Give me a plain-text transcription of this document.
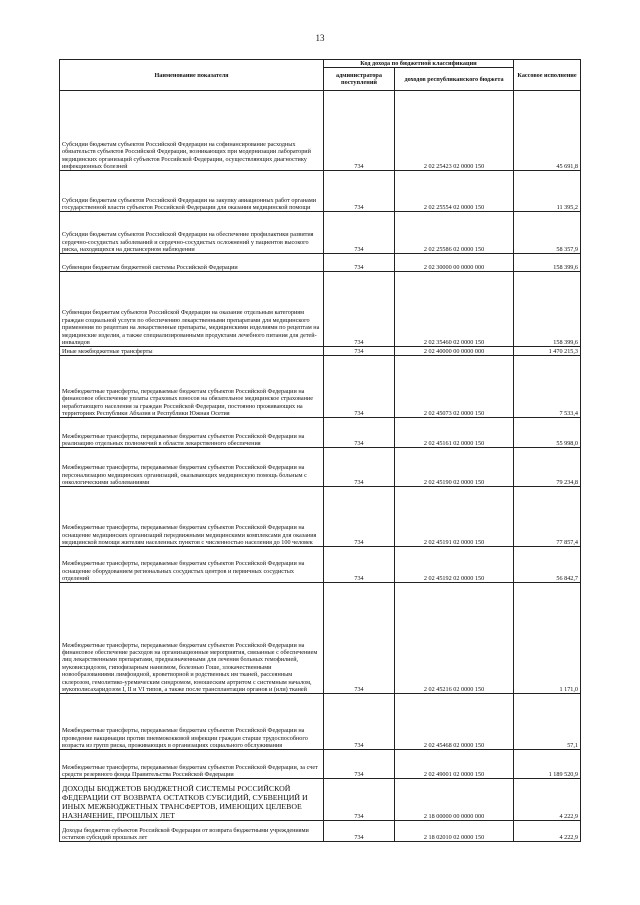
13
Наименование показателя	Код дохода по бюджетной классификации		Кассовое исполнение
	администратора поступлений	доходов республиканского бюджета	
Субсидии бюджетам субъектов Российской Федерации на софинансирование расходных обязательств субъектов Российской Федерации, возникающих при модернизации лабораторий медицинских организаций субъектов Российской Федерации, осуществляющих диагностику инфекционных болезней	734	2 02 25423 02 0000 150	45 691,8
Субсидии бюджетам субъектов Российской Федерации на закупку авиационных работ органами государственной власти субъектов Российской Федерации для оказания медицинской помощи	734	2 02 25554 02 0000 150	11 395,2
Субсидии бюджетам субъектов Российской Федерации на обеспечение профилактики развития сердечно-сосудистых заболеваний и сердечно-сосудистых осложнений у пациентов высокого риска, находящихся на диспансерном наблюдении	734	2 02 25586 02 0000 150	58 357,9
Субвенции бюджетам бюджетной системы Российской Федерации	734	2 02 30000 00 0000 000	158 399,6
Субвенции бюджетам субъектов Российской Федерации на оказание отдельным категориям граждан социальной услуги по обеспечению лекарственными препаратами для медицинского применения по рецептам на лекарственные препараты, медицинскими изделиями по рецептам на медицинские изделия, а также специализированными продуктами лечебного питания для детей-инвалидов	734	2 02 35460 02 0000 150	158 399,6
Иные межбюджетные трансферты	734	2 02 40000 00 0000 000	1 470 215,3
Межбюджетные трансферты, передаваемые бюджетам субъектов Российской Федерации на финансовое обеспечение уплаты страховых взносов на обязательное медицинское страхование неработающего населения за граждан Российской Федерации, постоянно проживающих на территориях Республики Абхазия и Республики Южная Осетия	734	2 02 45073 02 0000 150	7 533,4
Межбюджетные трансферты, передаваемые бюджетам субъектов Российской Федерации на реализацию отдельных полномочий в области лекарственного обеспечения	734	2 02 45161 02 0000 150	55 998,0
Межбюджетные трансферты, передаваемые бюджетам субъектов Российской Федерации на персонализацию медицинских организаций, оказывающих медицинскую помощь больным с онкологическими заболеваниями	734	2 02 45190 02 0000 150	79 234,8
Межбюджетные трансферты, передаваемые бюджетам субъектов Российской Федерации на оснащение медицинских организаций передвижными медицинскими комплексами для оказания медицинской помощи жителям населенных пунктов с численностью населения до 100 человек	734	2 02 45191 02 0000 150	77 857,4
Межбюджетные трансферты, передаваемые бюджетам субъектов Российской Федерации на оснащение оборудованием региональных сосудистых центров и первичных сосудистых отделений	734	2 02 45192 02 0000 150	56 842,7
Межбюджетные трансферты, передаваемые бюджетам субъектов Российской Федерации на финансовое обеспечение расходов на организационные мероприятия, связанные с обеспечением лиц лекарственными препаратами, предназначенными для лечения больных гемофилией, муковисцидозом, гипофизарным нанизмом, болезнью Гоше, злокачественными новообразованиями лимфоидной, кроветворной и родственных им тканей, рассеянным склерозом, гемолитико-уремическим синдромом, юношеским артритом с системным началом, мукополисахаридозом I, II и VI типов, а также после трансплантации органов и (или) тканей	734	2 02 45216 02 0000 150	1 171,0
Межбюджетные трансферты, передаваемые бюджетам субъектов Российской Федерации на проведение вакцинации против пневмококковой инфекции граждан старше трудоспособного возраста из групп риска, проживающих в организациях социального обслуживания	734	2 02 45468 02 0000 150	57,1
Межбюджетные трансферты, передаваемые бюджетам субъектов Российской Федерации, за счет средств резервного фонда Правительства Российской Федерации	734	2 02 49001 02 0000 150	1 189 520,9
ДОХОДЫ БЮДЖЕТОВ БЮДЖЕТНОЙ СИСТЕМЫ РОССИЙСКОЙ ФЕДЕРАЦИИ ОТ ВОЗВРАТА ОСТАТКОВ СУБСИДИЙ, СУБВЕНЦИЙ И ИНЫХ МЕЖБЮДЖЕТНЫХ ТРАНСФЕРТОВ, ИМЕЮЩИХ ЦЕЛЕВОЕ НАЗНАЧЕНИЕ, ПРОШЛЫХ ЛЕТ	734	2 18 00000 00 0000 000	4 222,9
Доходы бюджетов субъектов Российской Федерации от возврата бюджетными учреждениями остатков субсидий прошлых лет	734	2 18 02010 02 0000 150	4 222,9
